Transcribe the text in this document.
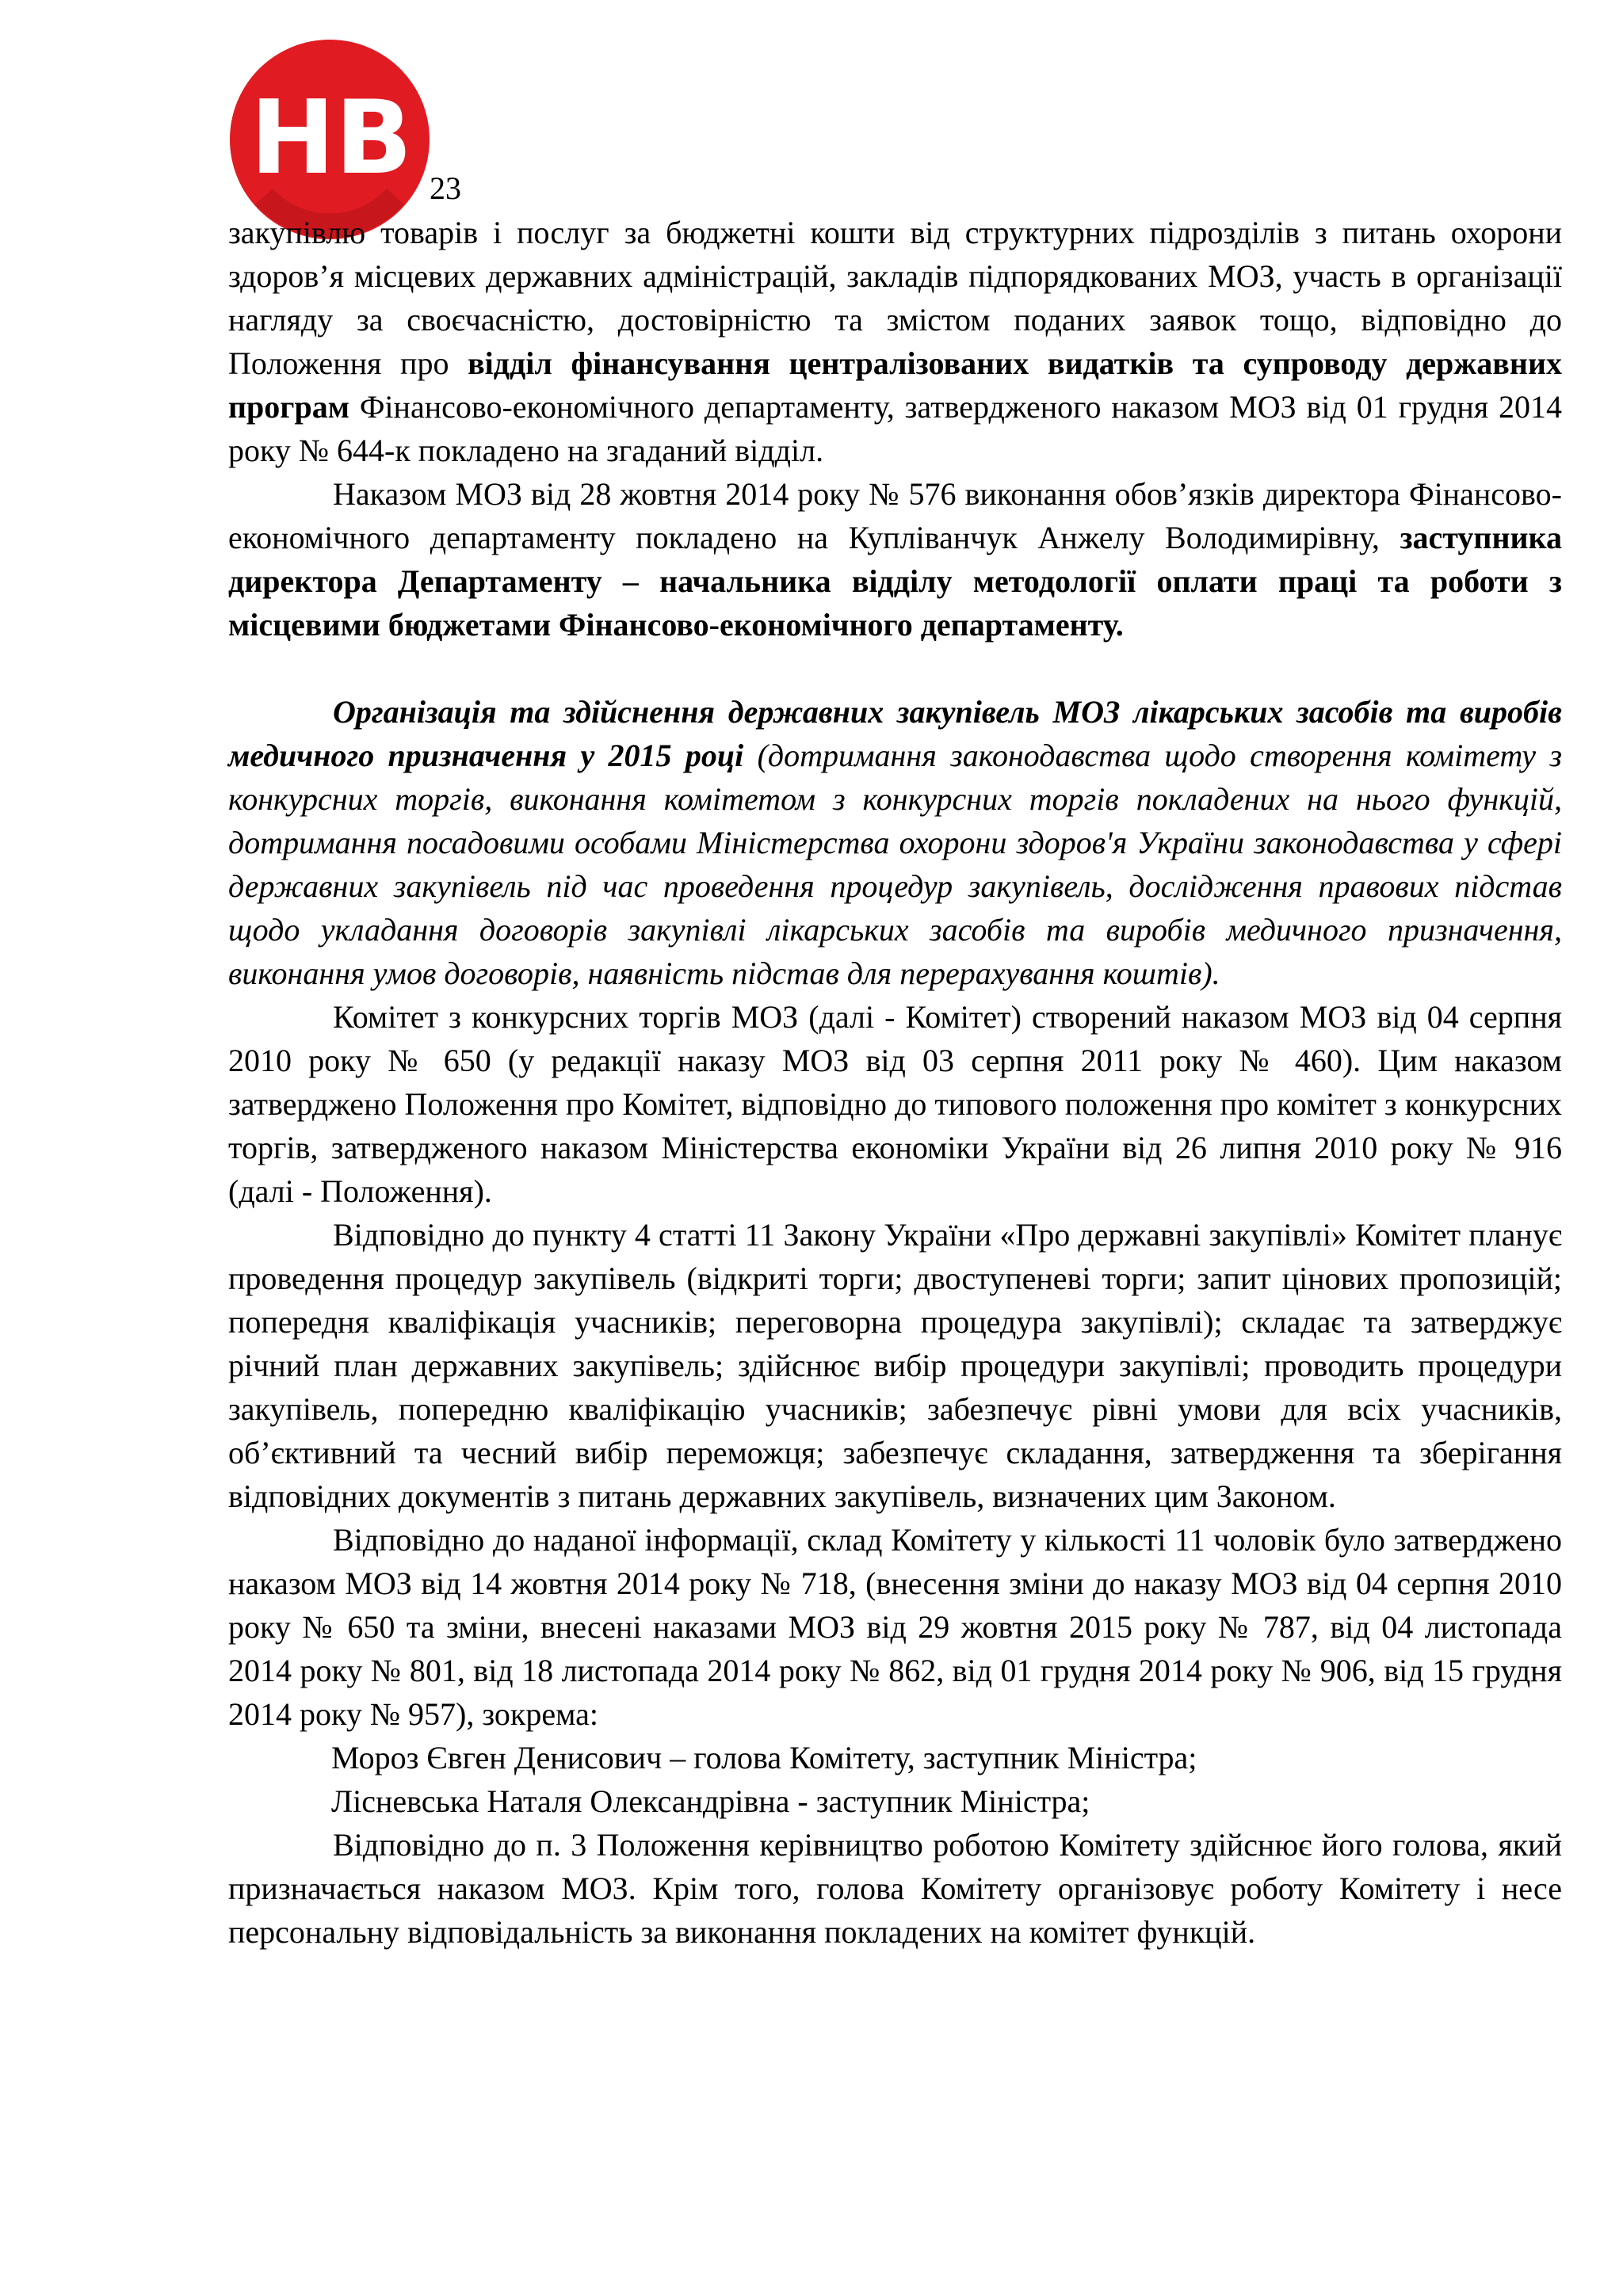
НВ 23

закупівлю товарів і послуг за бюджетні кошти від структурних підрозділів з питань охорони здоров’я місцевих державних адміністрацій, закладів підпорядкованих МОЗ, участь в організації нагляду за своєчасністю, достовірністю та змістом поданих заявок тощо, відповідно до Положення про відділ фінансування централізованих видатків та супроводу державних програм Фінансово-економічного департаменту, затвердженого наказом МОЗ від 01 грудня 2014 року № 644-к покладено на згаданий відділ.

Наказом МОЗ від 28 жовтня 2014 року № 576 виконання обов’язків директора Фінансово-економічного департаменту покладено на Купліванчук Анжелу Володимирівну, заступника директора Департаменту – начальника відділу методології оплати праці та роботи з місцевими бюджетами Фінансово-економічного департаменту.

Організація та здійснення державних закупівель МОЗ лікарських засобів та виробів медичного призначення у 2015 році (дотримання законодавства щодо створення комітету з конкурсних торгів, виконання комітетом з конкурсних торгів покладених на нього функцій, дотримання посадовими особами Міністерства охорони здоров'я України законодавства у сфері державних закупівель під час проведення процедур закупівель, дослідження правових підстав щодо укладання договорів закупівлі лікарських засобів та виробів медичного призначення, виконання умов договорів, наявність підстав для перерахування коштів).

Комітет з конкурсних торгів МОЗ (далі - Комітет) створений наказом МОЗ від 04 серпня 2010 року № 650 (у редакції наказу МОЗ від 03 серпня 2011 року № 460). Цим наказом затверджено Положення про Комітет, відповідно до типового положення про комітет з конкурсних торгів, затвердженого наказом Міністерства економіки України від 26 липня 2010 року № 916 (далі - Положення).

Відповідно до пункту 4 статті 11 Закону України «Про державні закупівлі» Комітет планує проведення процедур закупівель (відкриті торги; двоступеневі торги; запит цінових пропозицій; попередня кваліфікація учасників; переговорна процедура закупівлі); складає та затверджує річний план державних закупівель; здійснює вибір процедури закупівлі; проводить процедури закупівель, попередню кваліфікацію учасників; забезпечує рівні умови для всіх учасників, об’єктивний та чесний вибір переможця; забезпечує складання, затвердження та зберігання відповідних документів з питань державних закупівель, визначених цим Законом.

Відповідно до наданої інформації, склад Комітету у кількості 11 чоловік було затверджено наказом МОЗ від 14 жовтня 2014 року № 718, (внесення зміни до наказу МОЗ від 04 серпня 2010 року № 650 та зміни, внесені наказами МОЗ від 29 жовтня 2015 року № 787, від 04 листопада 2014 року № 801, від 18 листопада 2014 року № 862, від 01 грудня 2014 року № 906, від 15 грудня 2014 року № 957), зокрема:

Мороз Євген Денисович – голова Комітету, заступник Міністра;

Лісневська Наталя Олександрівна - заступник Міністра;

Відповідно до п. 3 Положення керівництво роботою Комітету здійснює його голова, який призначається наказом МОЗ. Крім того, голова Комітету організовує роботу Комітету і несе персональну відповідальність за виконання покладених на комітет функцій.
